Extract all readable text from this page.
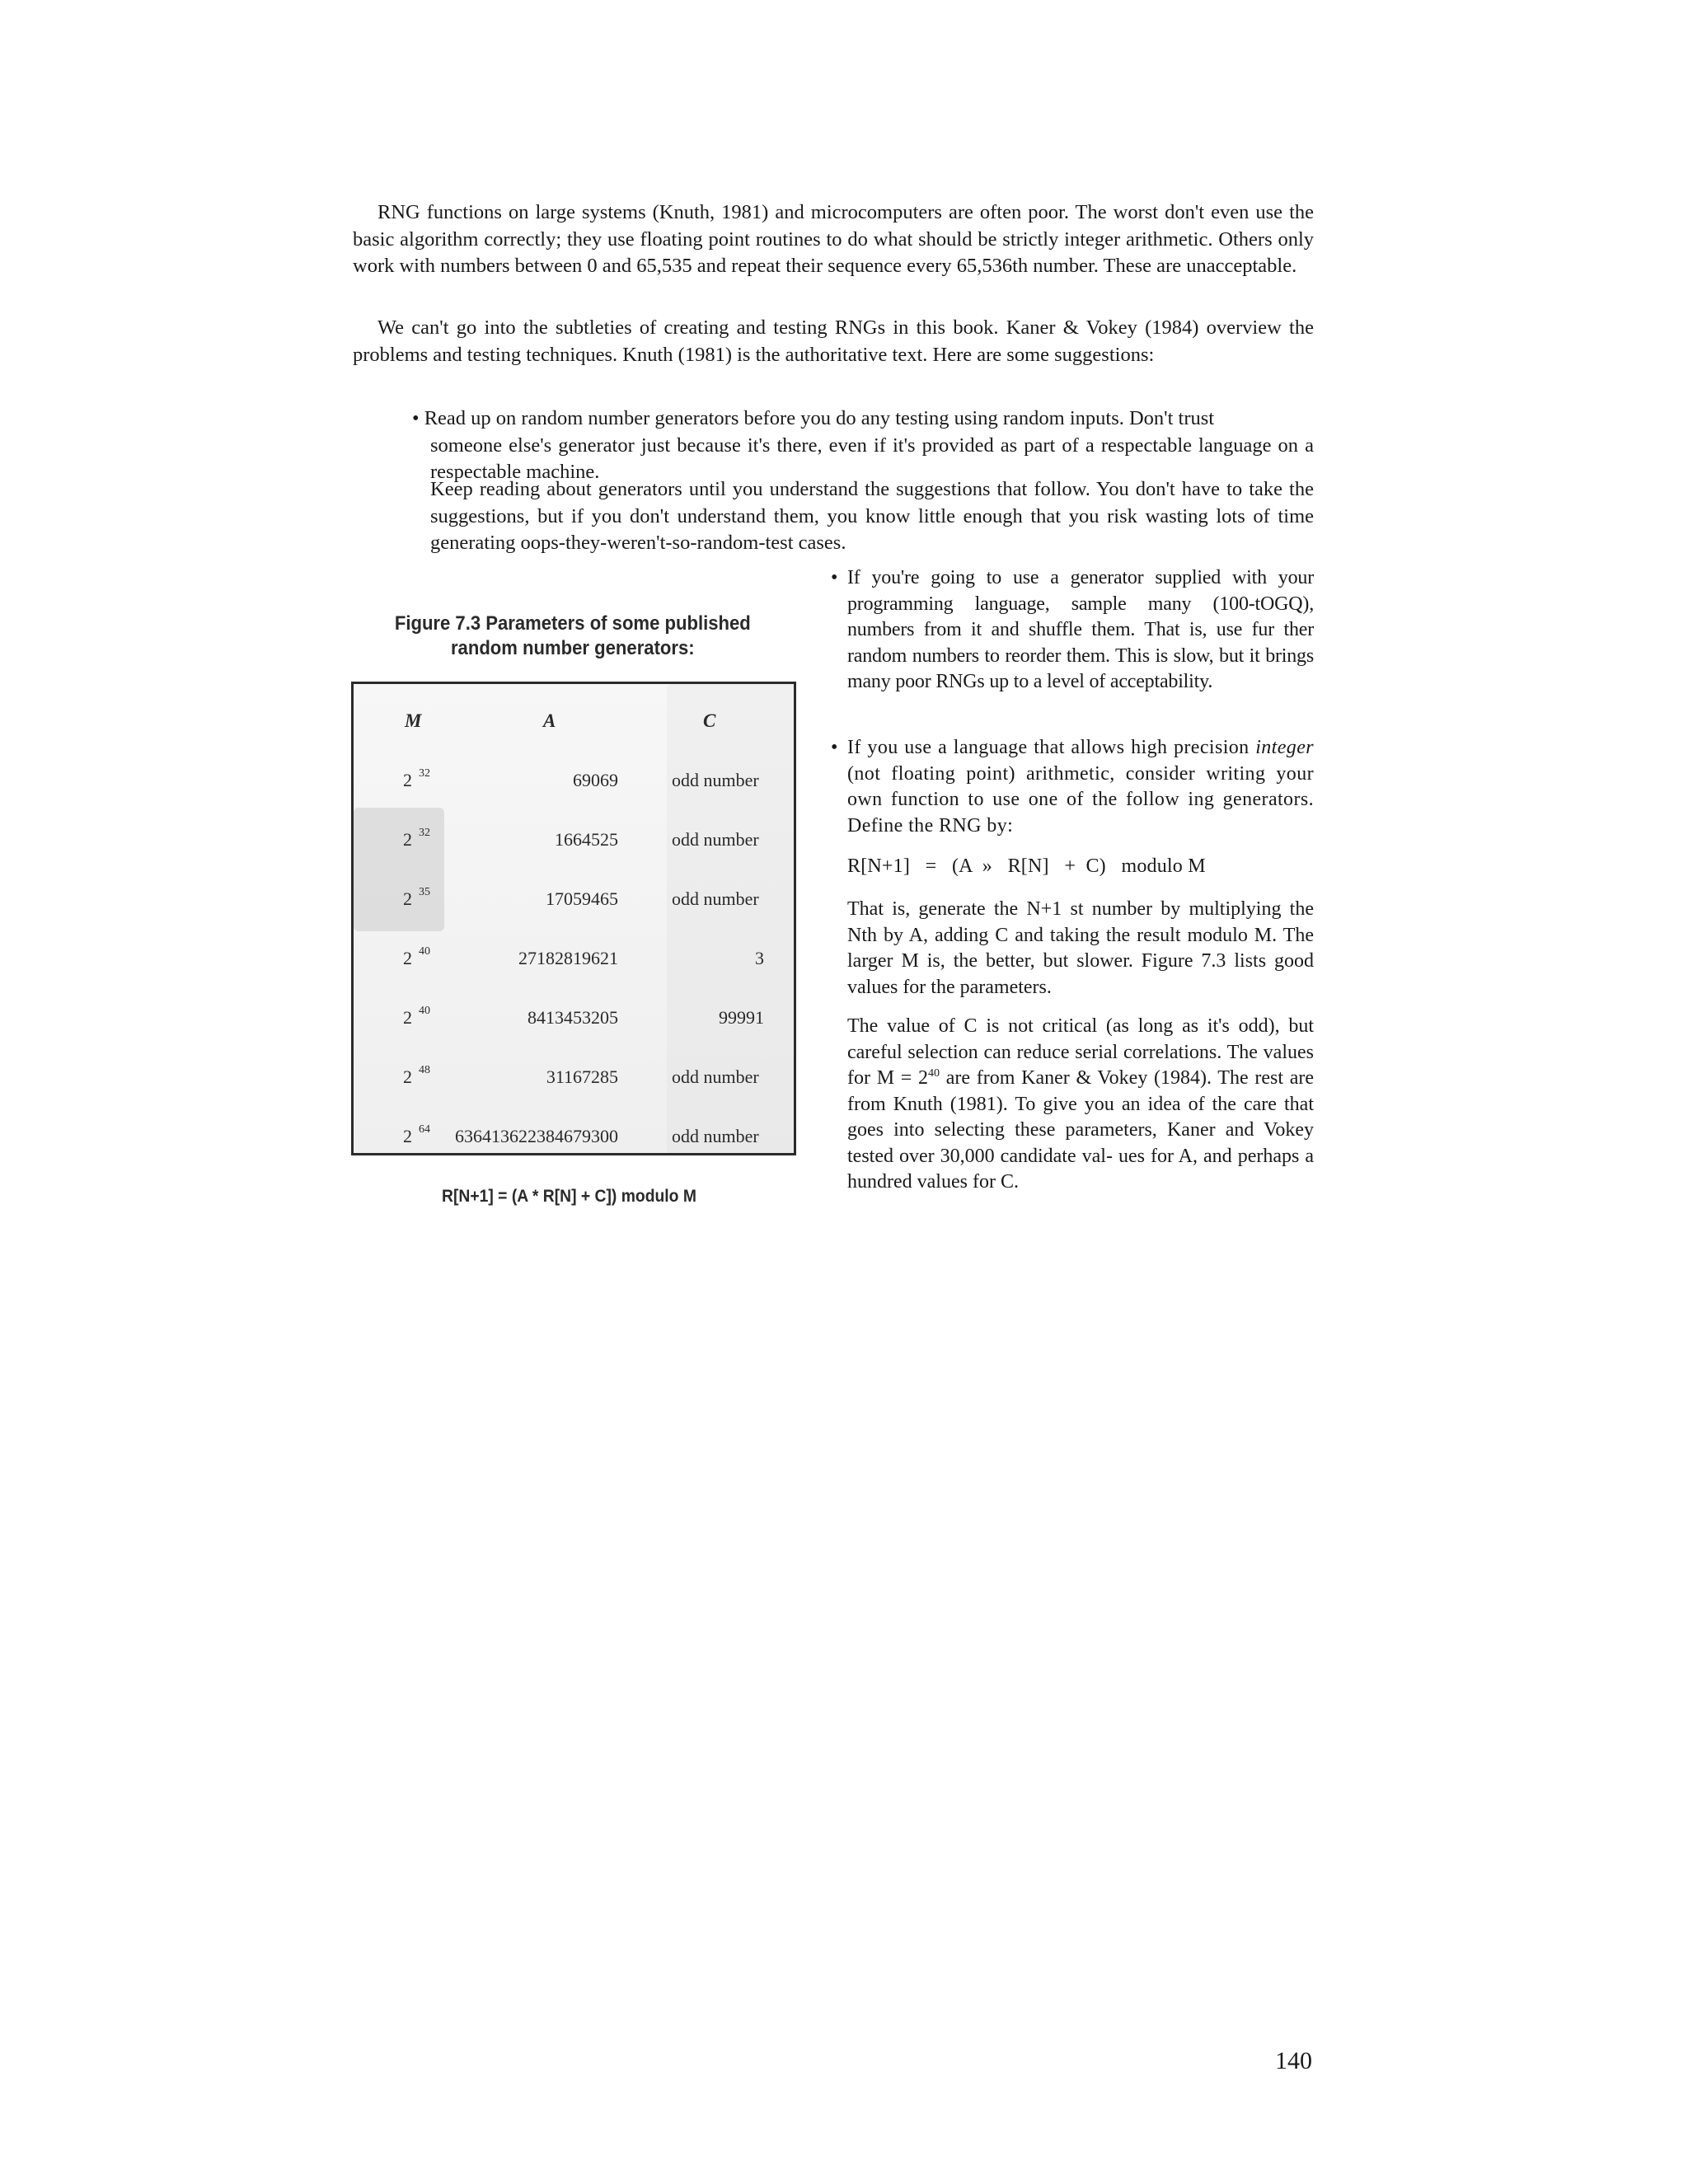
RNG functions on large systems (Knuth, 1981) and microcomputers are often poor. The worst don't even use the basic algorithm correctly; they use floating point routines to do what should be strictly integer arithmetic. Others only work with numbers between 0 and 65,535 and repeat their sequence every 65,536th number. These are unacceptable.

We can't go into the subtleties of creating and testing RNGs in this book. Kaner & Vokey (1984) overview the problems and testing techniques. Knuth (1981) is the authoritative text. Here are some suggestions:

• Read up on random number generators before you do any testing using random inputs. Don't trust
someone else's generator just because it's there, even if it's provided as part of a respectable language on a respectable machine.

Keep reading about generators until you understand the suggestions that follow. You don't have to take the suggestions, but if you don't understand them, you know little enough that you risk wasting lots of time generating oops-they-weren't-so-random-test cases.

Figure 7.3 Parameters of some published
random number generators:
M	A	C
2 $^{32}$	69069	odd number
2 $^{32}$	1664525	odd number
2 $^{35}$	17059465	odd number
2 $^{40}$	27182819621	3
2 $^{40}$	8413453205	99991
2 $^{48}$	31167285	odd number
2 $^{64}$ 636413622384679300	odd number

R[N+1] = (A * R[N] + C]) modulo M

• If you're going to use a generator supplied with your programming language, sample many (100-tOGQ), numbers from it and shuffle them. That is, use fur ther random numbers to reorder them. This is slow, but it brings many poor RNGs up to a level of acceptability.

• If you use a language that allows high precision integer (not floating point) arithmetic, consider writing your own function to use one of the follow ing generators. Define the RNG by:

R[N+1]   =   (A  »   R[N]   +  C)   modulo M

That is, generate the N+1 st number by multiplying the Nth by A, adding C and taking the result modulo M. The larger M is, the better, but slower. Figure 7.3 lists good values for the parameters.

The value of C is not critical (as long as it's odd), but careful selection can reduce serial correlations. The values for $M = 2^{40}$ are from Kaner & Vokey (1984). The rest are from Knuth (1981). To give you an idea of the care that goes into selecting these parameters, Kaner and Vokey tested over 30,000 candidate val- ues for A, and perhaps a hundred values for C.

140
